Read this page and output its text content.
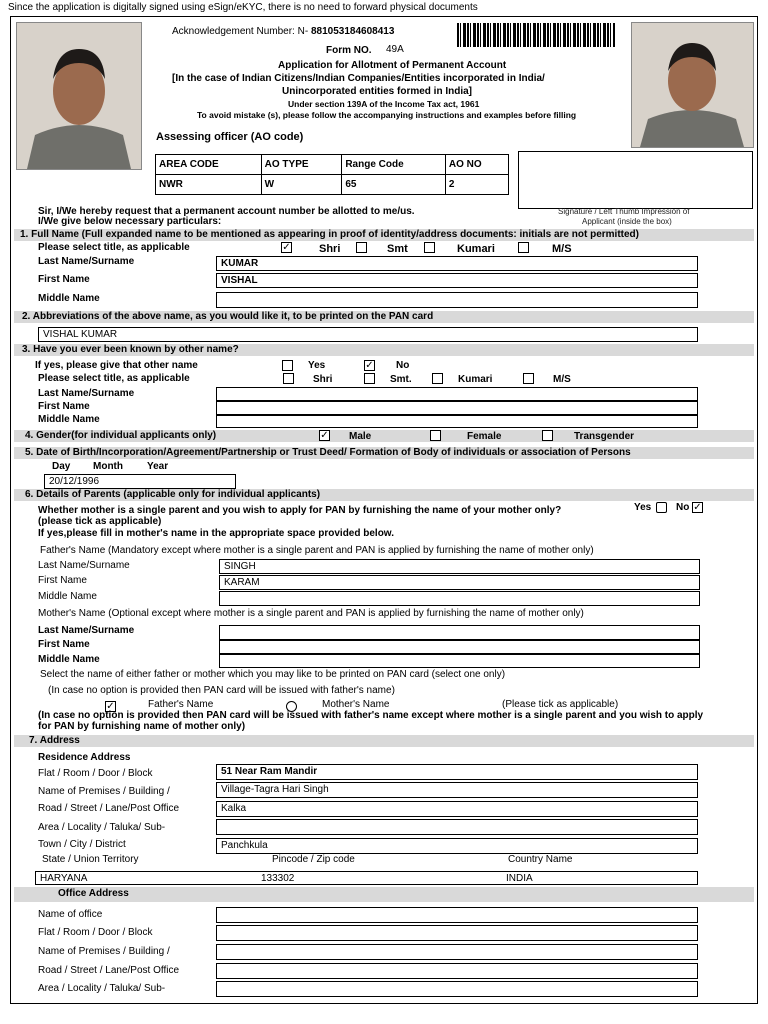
Since the application is digitally signed using eSign/eKYC, there is no need to forward physical documents
Acknowledgement Number: N- 881053184608413
Form NO. 49A
Application for Allotment of Permanent Account
[In the case of Indian Citizens/Indian Companies/Entities incorporated in India/
Unincorporated entities formed in India]
Under section 139A of the Income Tax act, 1961
To avoid mistake (s), please follow the accompanying instructions and examples before filling
Assessing officer (AO code)
AREA CODE	AO TYPE	Range Code	AO NO
NWR	W	65	2
Signature / Left Thumb Impression of
Applicant (inside the box)
Sir, I/We hereby request that a permanent account number be allotted to me/us.
I/We give below necessary particulars:
1. Full Name (Full expanded name to be mentioned as appearing in proof of identity/address documents: initials are not permitted)
Please select title, as applicable	✓	Shri	Smt	Kumari	M/S
Last Name/Surname	KUMAR
First Name	VISHAL
Middle Name
2. Abbreviations of the above name, as you would like it, to be printed on the PAN card
VISHAL KUMAR
3. Have you ever been known by other name?
If yes, please give that other name	Yes	✓ No
Please select title, as applicable	Shri	Smt.	Kumari	M/S
Last Name/Surname
First Name
Middle Name
4. Gender(for individual applicants only)	✓ Male	Female	Transgender
5. Date of Birth/Incorporation/Agreement/Partnership or Trust Deed/ Formation of Body of individuals or association of Persons
Day Month Year
20/12/1996
6. Details of Parents (applicable only for individual applicants)
Whether mother is a single parent and you wish to apply for PAN by furnishing the name of your mother only?	Yes No ✓
(please tick as applicable)
If yes,please fill in mother's name in the appropriate space provided below.
Father's Name (Mandatory except where mother is a single parent and PAN is applied by furnishing the name of mother only)
Last Name/Surname	SINGH
First Name	KARAM
Middle Name
Mother's Name (Optional except where mother is a single parent and PAN is applied by furnishing the name of mother only)
Last Name/Surname
First Name
Middle Name
Select the name of either father or mother which you may like to be printed on PAN card (select one only)
(In case no option is provided then PAN card will be issued with father's name)
✓	Father's Name	Mother's Name	(Please tick as applicable)
(In case no option is provided then PAN card will be issued with father's name except where mother is a single parent and you wish to apply
for PAN by furnishing name of mother only)
7. Address
Residence Address
Flat / Room / Door / Block	51 Near Ram Mandir
Name of Premises / Building /	Village-Tagra Hari Singh
Road / Street / Lane/Post Office	Kalka
Area / Locality / Taluka/ Sub-
Town / City / District	Panchkula
State / Union Territory	Pincode / Zip code	Country Name
HARYANA	133302	INDIA
Office Address
Name of office
Flat / Room / Door / Block
Name of Premises / Building /
Road / Street / Lane/Post Office
Area / Locality / Taluka/ Sub-
